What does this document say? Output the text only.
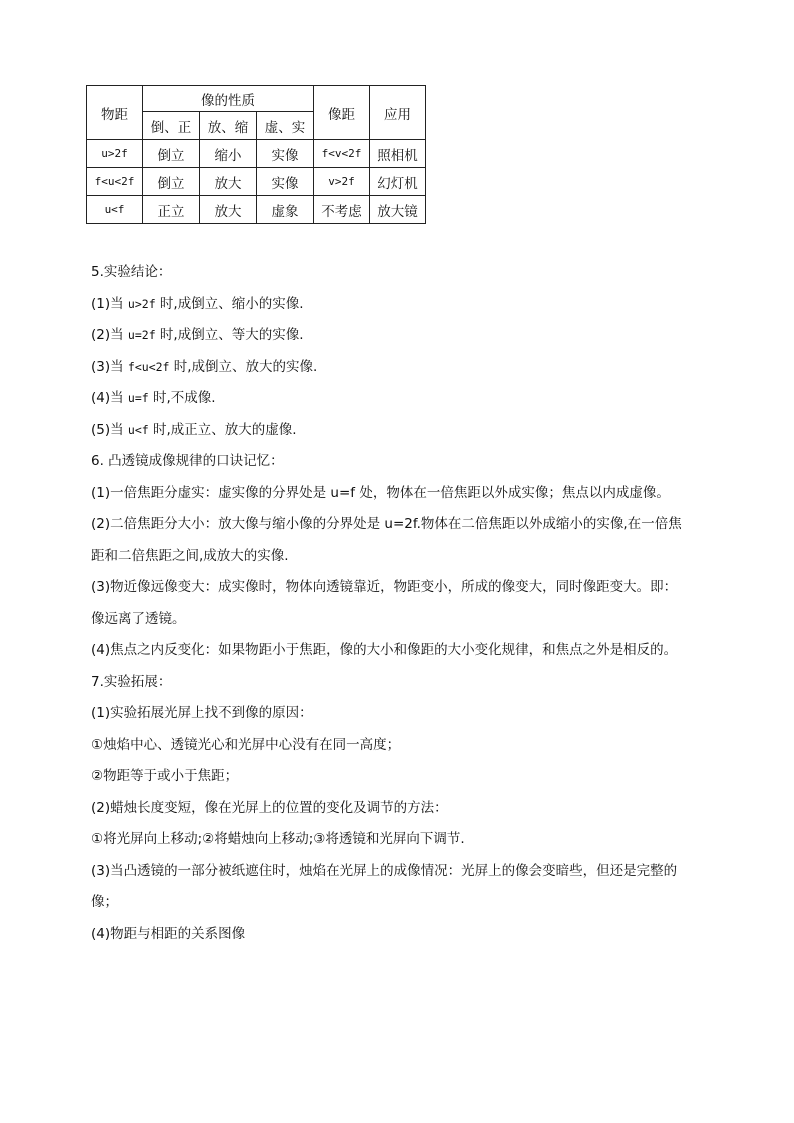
物距	像的性质			像距	应用
	倒、正	放、缩	虚、实		
u>2f	倒立	缩小	实像	f<v<2f	照相机
f<u<2f	倒立	放大	实像	v>2f	幻灯机
u<f	正立	放大	虚象	不考虑	放大镜
5.实验结论：
(1)当 u>2f 时,成倒立、缩小的实像.
(2)当 u=2f 时,成倒立、等大的实像.
(3)当 f<u<2f 时,成倒立、放大的实像.
(4)当 u=f 时,不成像.
(5)当 u<f 时,成正立、放大的虚像.
6. 凸透镜成像规律的口诀记忆：
(1)一倍焦距分虚实：虚实像的分界处是 u=f 处，物体在一倍焦距以外成实像；焦点以内成虚像。
(2)二倍焦距分大小：放大像与缩小像的分界处是 u=2f.物体在二倍焦距以外成缩小的实像,在一倍焦
距和二倍焦距之间,成放大的实像.
(3)物近像远像变大：成实像时，物体向透镜靠近，物距变小，所成的像变大，同时像距变大。即：
像远离了透镜。
(4)焦点之内反变化：如果物距小于焦距，像的大小和像距的大小变化规律，和焦点之外是相反的。
7.实验拓展：
(1)实验拓展光屏上找不到像的原因：
①烛焰中心、透镜光心和光屏中心没有在同一高度；
②物距等于或小于焦距；
(2)蜡烛长度变短，像在光屏上的位置的变化及调节的方法：
①将光屏向上移动;②将蜡烛向上移动;③将透镜和光屏向下调节.
(3)当凸透镜的一部分被纸遮住时，烛焰在光屏上的成像情况：光屏上的像会变暗些，但还是完整的
像；
(4)物距与相距的关系图像
